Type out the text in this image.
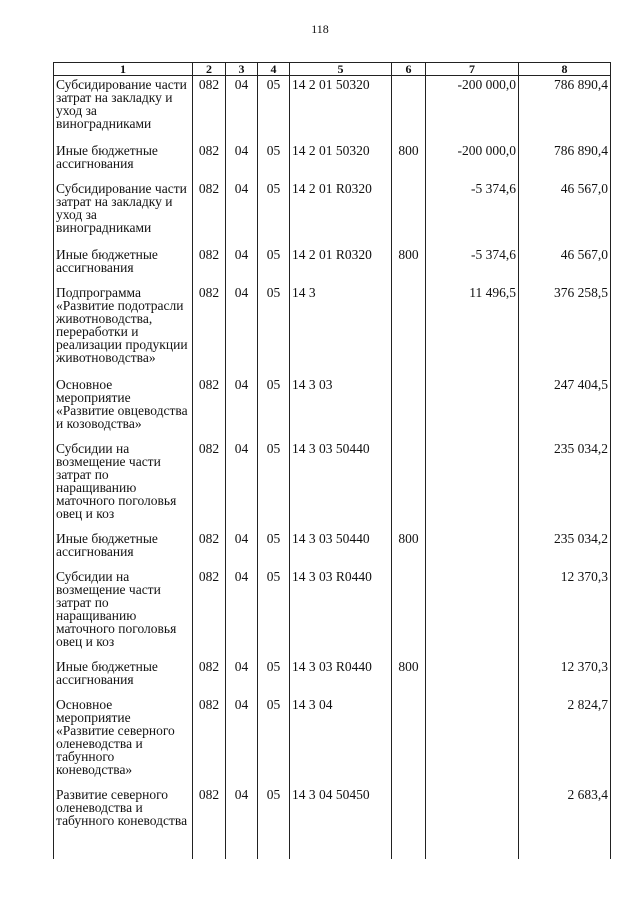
118
1	2	3	4	5	6	7	8
Субсидирование части затрат на закладку и уход за виноградниками	082	04	05	14 2 01 50320		-200 000,0	786 890,4
Иные бюджетные ассигнования	082	04	05	14 2 01 50320	800	-200 000,0	786 890,4
Субсидирование части затрат на закладку и уход за виноградниками	082	04	05	14 2 01 R0320		-5 374,6	46 567,0
Иные бюджетные ассигнования	082	04	05	14 2 01 R0320	800	-5 374,6	46 567,0
Подпрограмма «Развитие подотрасли животноводства, переработки и реализации продукции животноводства»	082	04	05	14 3		11 496,5	376 258,5
Основное мероприятие «Развитие овцеводства и козоводства»	082	04	05	14 3 03			247 404,5
Субсидии на возмещение части затрат по наращиванию маточного поголовья овец и коз	082	04	05	14 3 03 50440			235 034,2
Иные бюджетные ассигнования	082	04	05	14 3 03 50440	800		235 034,2
Субсидии на возмещение части затрат по наращиванию маточного поголовья овец и коз	082	04	05	14 3 03 R0440			12 370,3
Иные бюджетные ассигнования	082	04	05	14 3 03 R0440	800		12 370,3
Основное мероприятие «Развитие северного оленеводства и табунного коневодства»	082	04	05	14 3 04			2 824,7
Развитие северного оленеводства и табунного коневодства	082	04	05	14 3 04 50450			2 683,4
